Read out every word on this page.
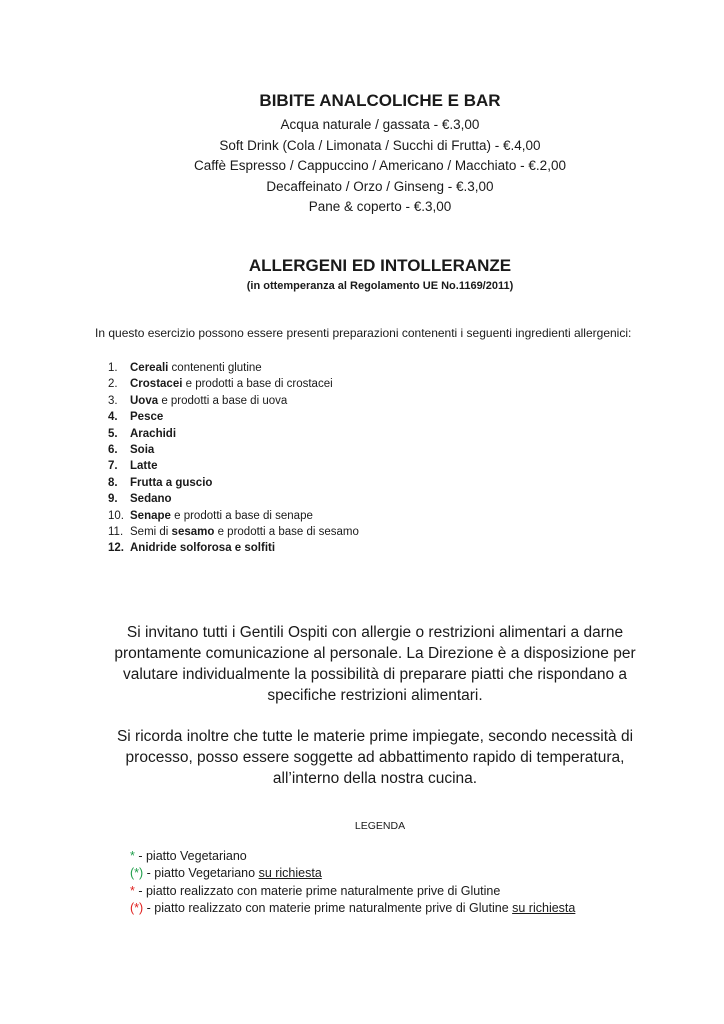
BIBITE ANALCOLICHE E BAR
Acqua naturale / gassata - €.3,00
Soft Drink (Cola / Limonata / Succhi di Frutta) - €.4,00
Caffè Espresso / Cappuccino / Americano / Macchiato - €.2,00
Decaffeinato / Orzo / Ginseng - €.3,00
Pane & coperto - €.3,00
ALLERGENI ED INTOLLERANZE
(in ottemperanza al Regolamento UE No.1169/2011)
In questo esercizio possono essere presenti preparazioni contenenti i seguenti ingredienti allergenici:
1. Cereali contenenti glutine
2. Crostacei e prodotti a base di crostacei
3. Uova e prodotti a base di uova
4. Pesce
5. Arachidi
6. Soia
7. Latte
8. Frutta a guscio
9. Sedano
10. Senape e prodotti a base di senape
11. Semi di sesamo e prodotti a base di sesamo
12. Anidride solforosa e solfiti
Si invitano tutti i Gentili Ospiti con allergie o restrizioni alimentari a darne prontamente comunicazione al personale. La Direzione è a disposizione per valutare individualmente la possibilità di preparare piatti che rispondano a specifiche restrizioni alimentari.
Si ricorda inoltre che tutte le materie prime impiegate, secondo necessità di processo, posso essere soggette ad abbattimento rapido di temperatura, all’interno della nostra cucina.
LEGENDA
* - piatto Vegetariano
(*) - piatto Vegetariano su richiesta
* - piatto realizzato con materie prime naturalmente prive di Glutine
(*) - piatto realizzato con materie prime naturalmente prive di Glutine su richiesta
